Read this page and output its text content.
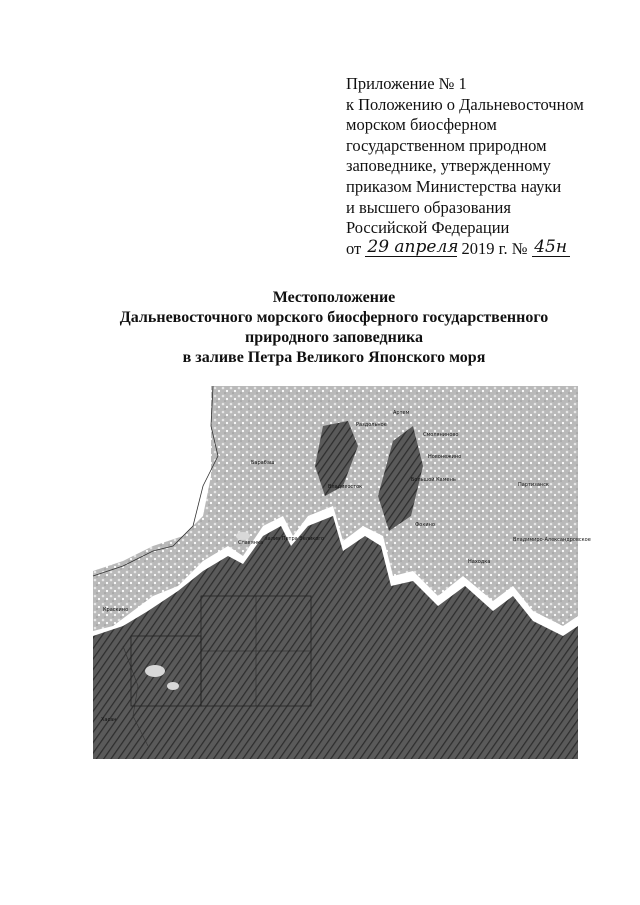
Приложение № 1
к Положению о Дальневосточном
морском биосферном
государственном природном
заповеднике, утвержденному
приказом Министерства науки
и высшего образования
Российской Федерации
от 29 апреля 2019 г. № 45н
Местоположение
Дальневосточного морского биосферного государственного
природного заповедника
в заливе Петра Великого Японского моря
Артем
Смоляниново
Раздольное
Новонежино
Барабаш
Владивосток
Большой Камень
Фокино
Славянка
Находка
Партизанск
Владимиро-Александровское
Хасан
Краскино
залив Петра Великого
